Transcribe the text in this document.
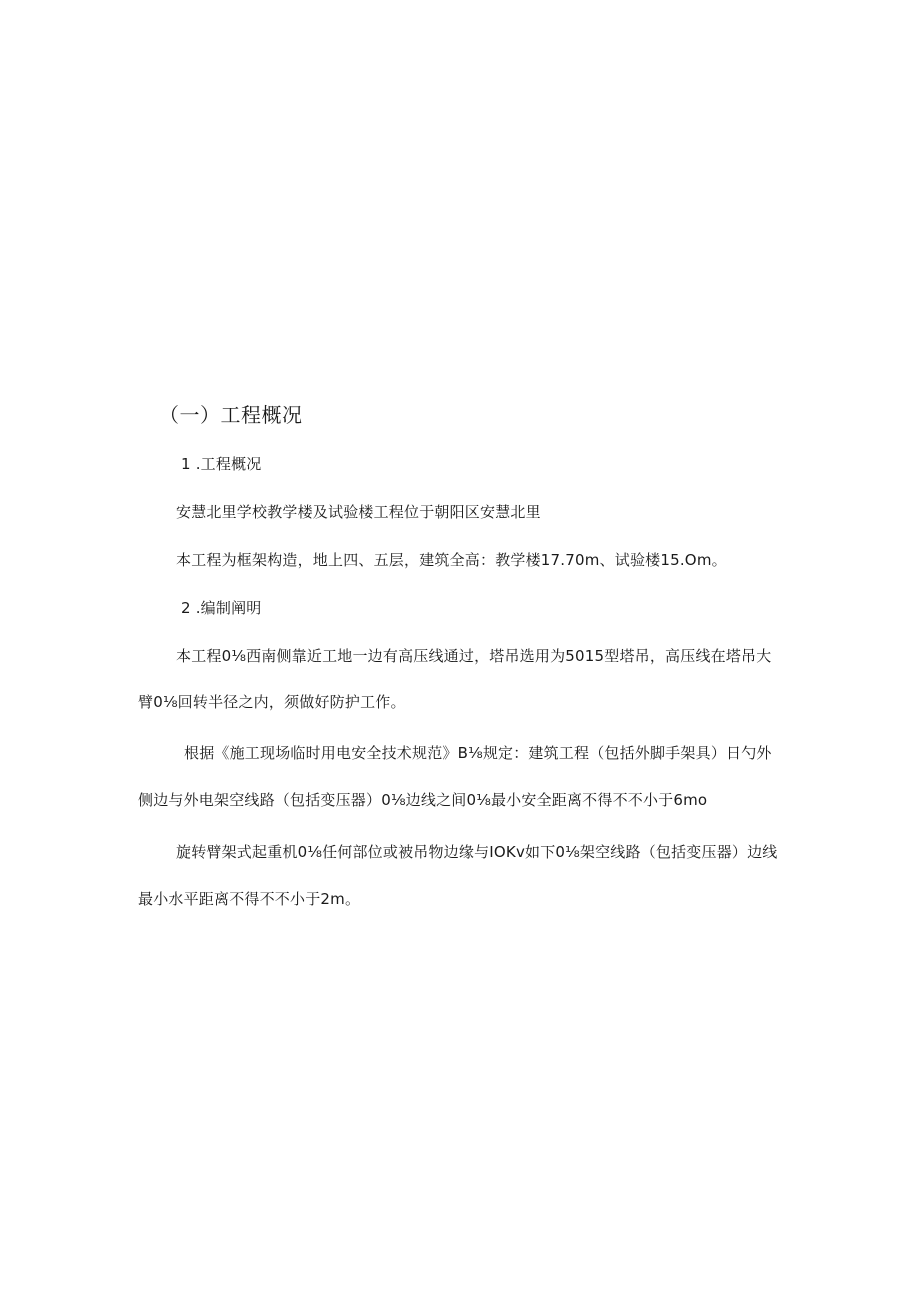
（一）工程概况
1 .工程概况
安慧北里学校教学楼及试验楼工程位于朝阳区安慧北里
本工程为框架构造，地上四、五层，建筑全高：教学楼17.70m、试验楼15.Om。
2 .编制阐明
本工程0⅛西南侧靠近工地一边有高压线通过，塔吊选用为5015型塔吊，高压线在塔吊大
臂0⅛回转半径之内，须做好防护工作。
根据《施工现场临时用电安全技术规范》B⅛规定：建筑工程（包括外脚手架具）日勺外
侧边与外电架空线路（包括变压器）0⅛边线之间0⅛最小安全距离不得不不小于6mo
旋转臂架式起重机0⅛任何部位或被吊物边缘与IOKv如下0⅛架空线路（包括变压器）边线
最小水平距离不得不不小于2m。
